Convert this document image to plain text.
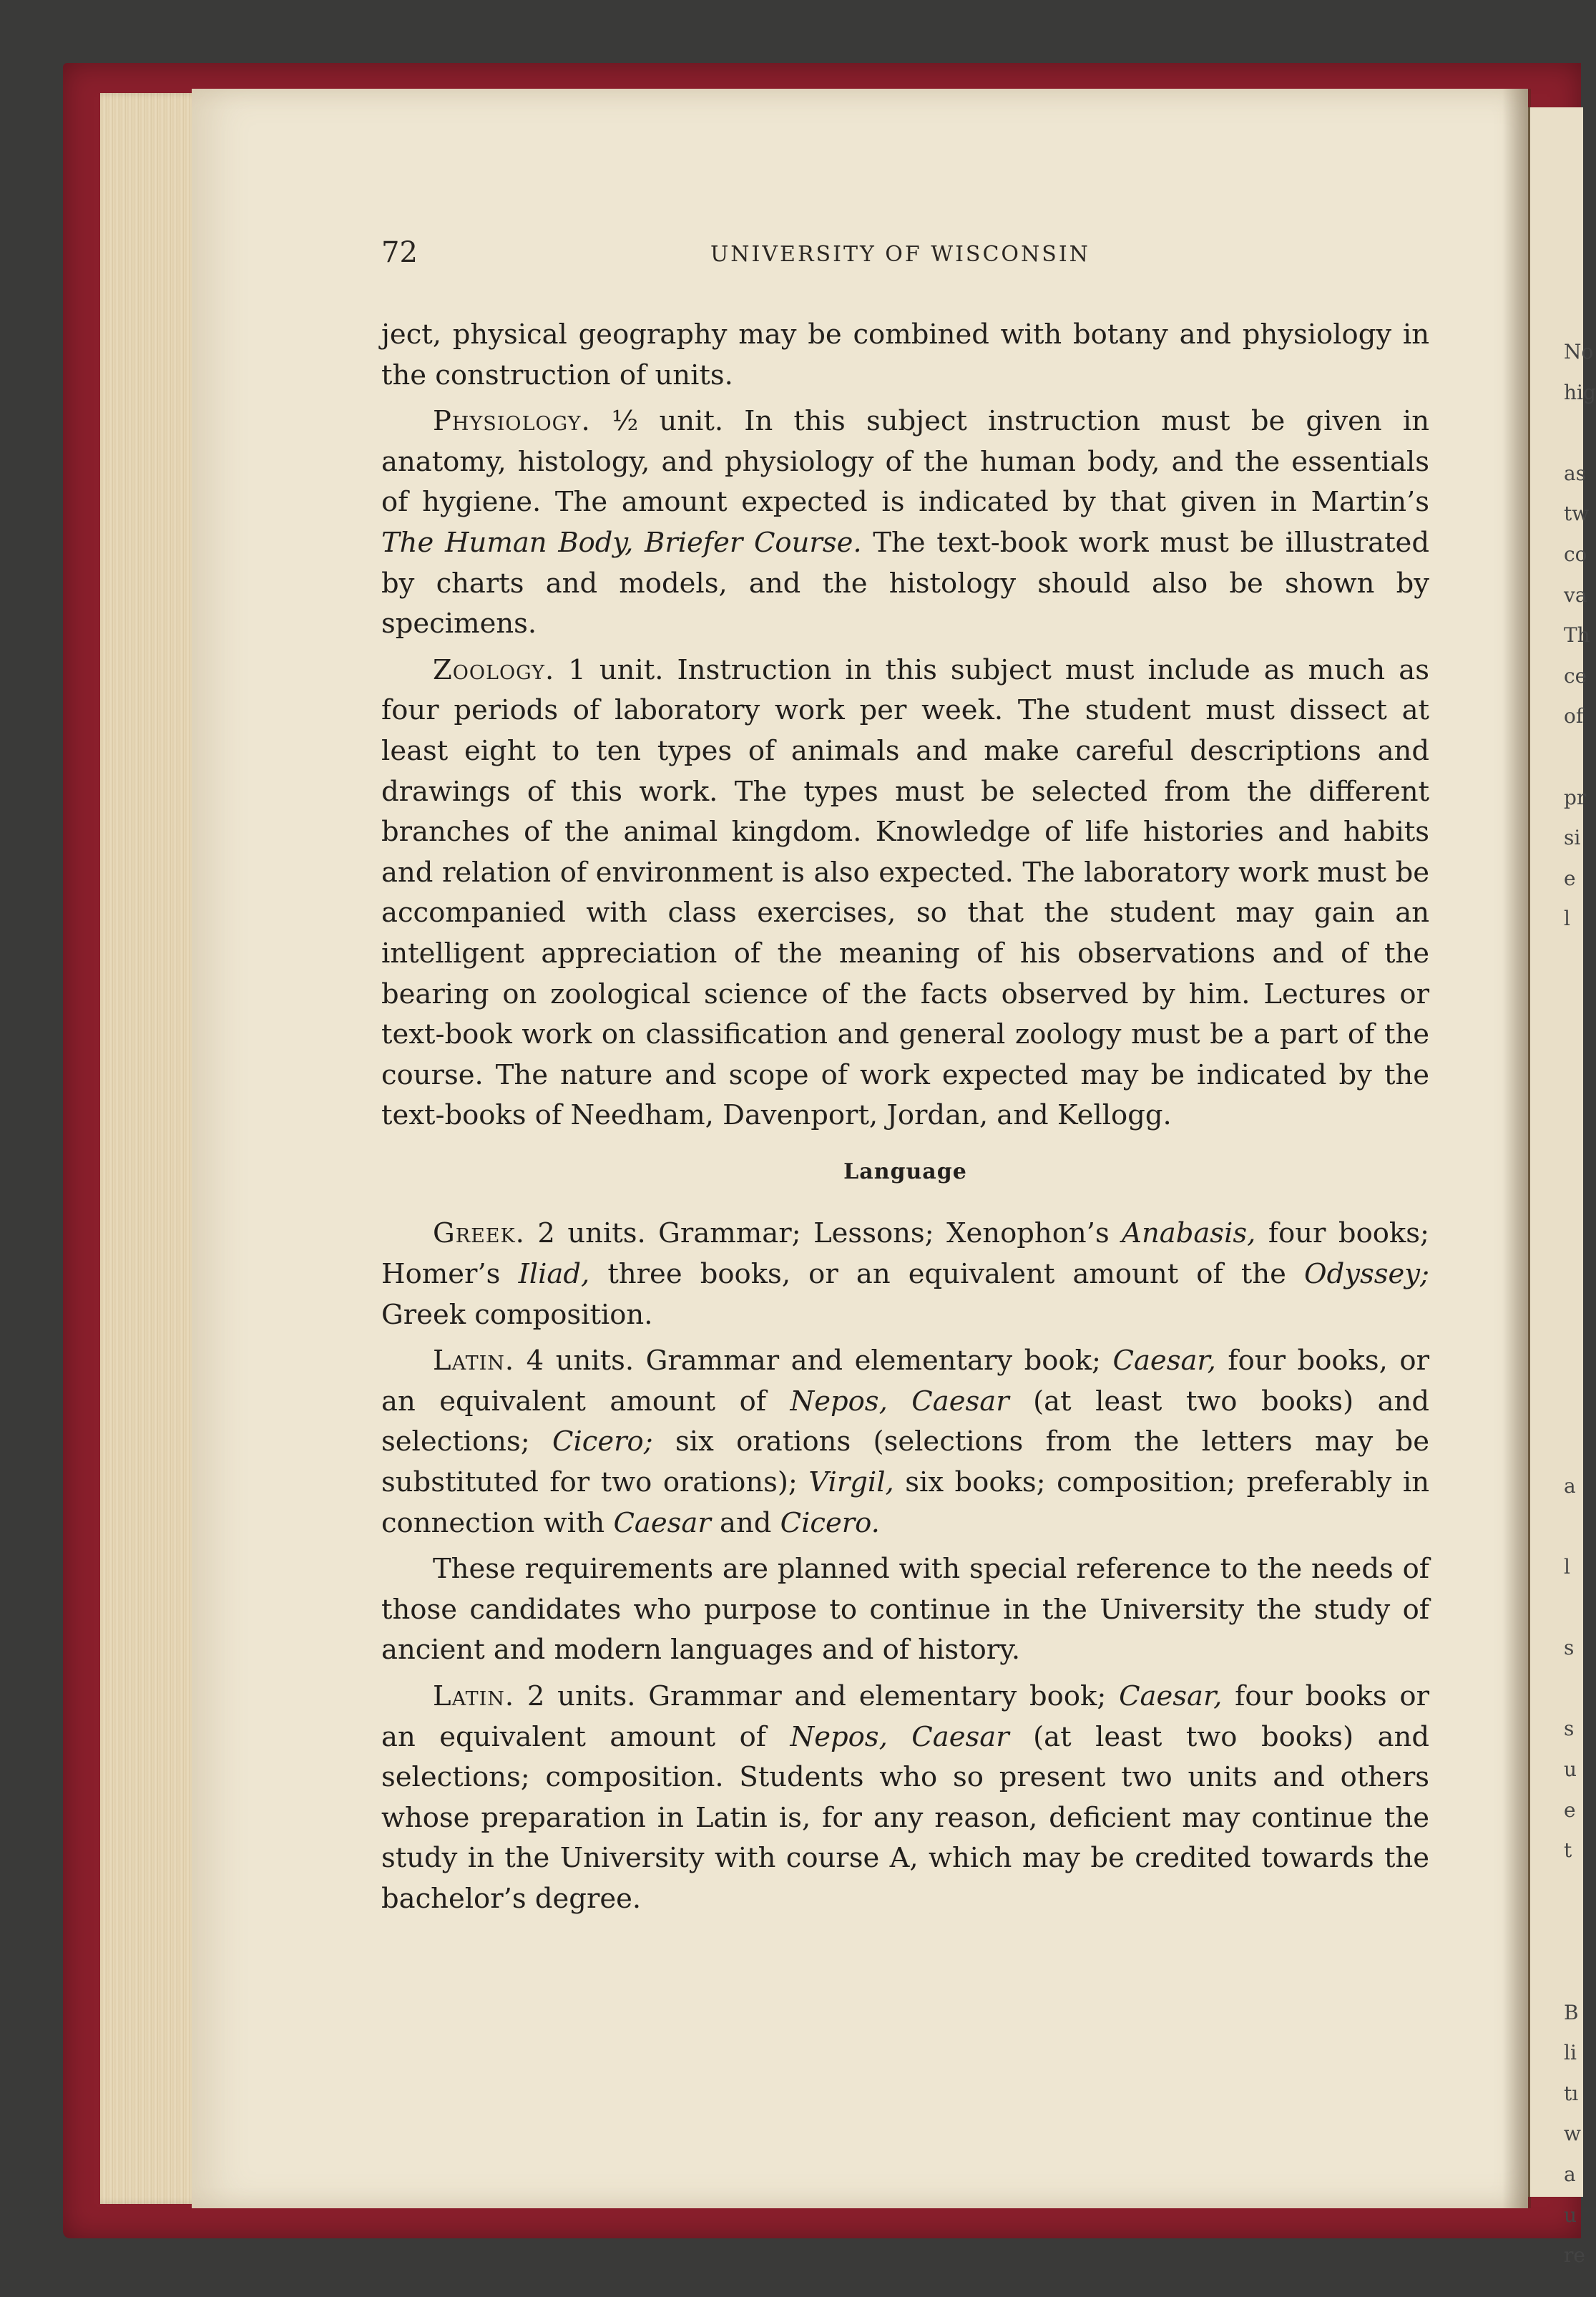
No
hig
as
tw
co
va
Th
ce
of
pr
si
e
l
a
l
s
s
u
e
t
B
li
tı
w
a
u
re
72	UNIVERSITY OF WISCONSIN

ject, physical geography may be combined with botany and physiology in the construction of units.

Physiology. ½ unit. In this subject instruction must be given in anatomy, histology, and physiology of the human body, and the essentials of hygiene. The amount expected is indicated by that given in Martin’s The Human Body, Briefer Course. The text-book work must be illustrated by charts and models, and the histology should also be shown by specimens.

Zoology. 1 unit. Instruction in this subject must include as much as four periods of laboratory work per week. The student must dissect at least eight to ten types of animals and make careful descriptions and drawings of this work. The types must be selected from the different branches of the animal kingdom. Knowledge of life histories and habits and relation of environment is also expected. The laboratory work must be accompanied with class exercises, so that the student may gain an intelligent appreciation of the meaning of his observations and of the bearing on zoological science of the facts observed by him. Lectures or text-book work on classification and general zoology must be a part of the course. The nature and scope of work expected may be indicated by the text-books of Needham, Davenport, Jordan, and Kellogg.

Language

Greek. 2 units. Grammar; Lessons; Xenophon’s Anabasis, four books; Homer’s Iliad, three books, or an equivalent amount of the Odyssey; Greek composition.

Latin. 4 units. Grammar and elementary book; Caesar, four books, or an equivalent amount of Nepos, Caesar (at least two books) and selections; Cicero; six orations (selections from the letters may be substituted for two orations); Virgil, six books; composition; preferably in connection with Caesar and Cicero.

These requirements are planned with special reference to the needs of those candidates who purpose to continue in the University the study of ancient and modern languages and of history.

Latin. 2 units. Grammar and elementary book; Caesar, four books or an equivalent amount of Nepos, Caesar (at least two books) and selections; composition. Students who so present two units and others whose preparation in Latin is, for any reason, deficient may continue the study in the University with course A, which may be credited towards the bachelor’s degree.
